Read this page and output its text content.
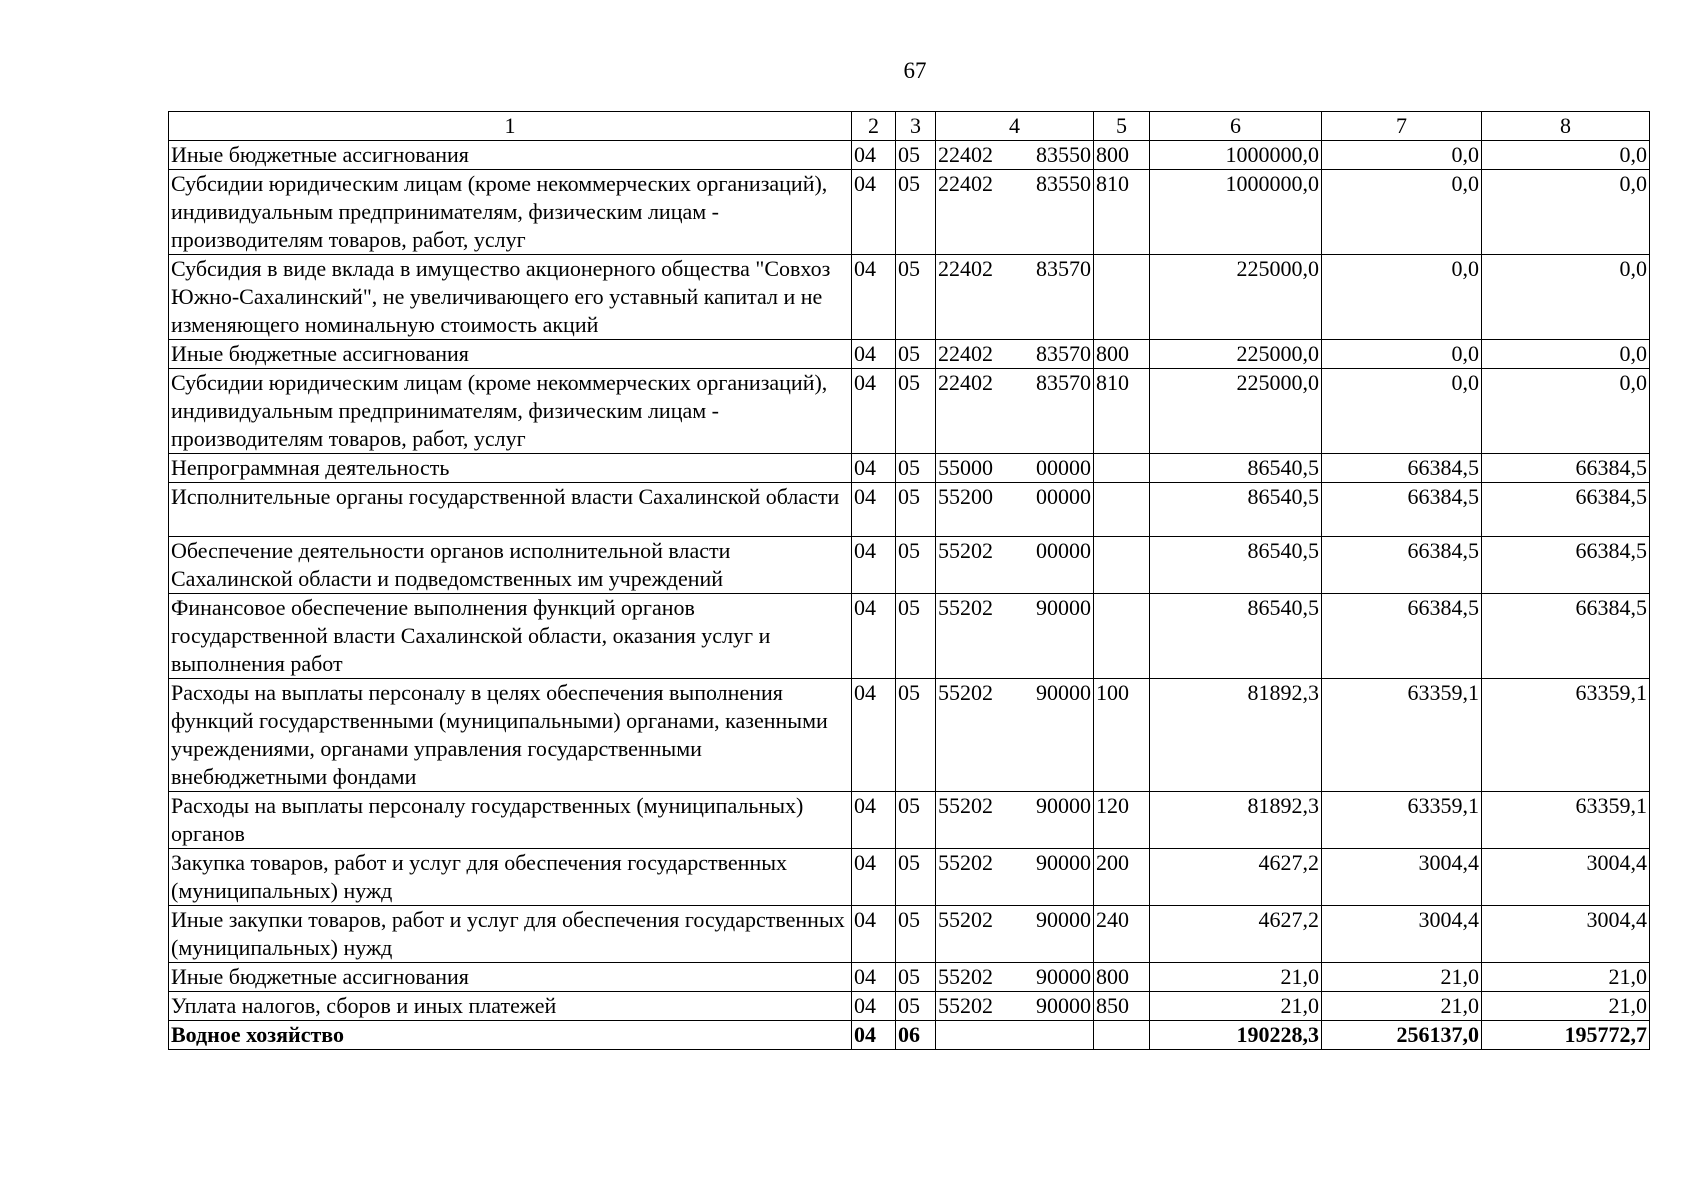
67
1	2	3	4	5	6	7	8
Иные бюджетные ассигнования	04	05	22402 83550	800	1000000,0	0,0	0,0
Субсидии юридическим лицам (кроме некоммерческих организаций), индивидуальным предпринимателям, физическим лицам - производителям товаров, работ, услуг	04	05	22402 83550	810	1000000,0	0,0	0,0
Субсидия в виде вклада в имущество акционерного общества "Совхоз Южно-Сахалинский", не увеличивающего его уставный капитал и не изменяющего номинальную стоимость акций	04	05	22402 83570		225000,0	0,0	0,0
Иные бюджетные ассигнования	04	05	22402 83570	800	225000,0	0,0	0,0
Субсидии юридическим лицам (кроме некоммерческих организаций), индивидуальным предпринимателям, физическим лицам - производителям товаров, работ, услуг	04	05	22402 83570	810	225000,0	0,0	0,0
Непрограммная деятельность	04	05	55000 00000		86540,5	66384,5	66384,5
Исполнительные органы государственной власти Сахалинской области	04	05	55200 00000		86540,5	66384,5	66384,5
Обеспечение деятельности органов исполнительной власти Сахалинской области и подведомственных им учреждений	04	05	55202 00000		86540,5	66384,5	66384,5
Финансовое обеспечение выполнения функций органов государственной власти Сахалинской области, оказания услуг и выполнения работ	04	05	55202 90000		86540,5	66384,5	66384,5
Расходы на выплаты персоналу в целях обеспечения выполнения функций государственными (муниципальными) органами, казенными учреждениями, органами управления государственными внебюджетными фондами	04	05	55202 90000	100	81892,3	63359,1	63359,1
Расходы на выплаты персоналу государственных (муниципальных) органов	04	05	55202 90000	120	81892,3	63359,1	63359,1
Закупка товаров, работ и услуг для обеспечения государственных (муниципальных) нужд	04	05	55202 90000	200	4627,2	3004,4	3004,4
Иные закупки товаров, работ и услуг для обеспечения государственных (муниципальных) нужд	04	05	55202 90000	240	4627,2	3004,4	3004,4
Иные бюджетные ассигнования	04	05	55202 90000	800	21,0	21,0	21,0
Уплата налогов, сборов и иных платежей	04	05	55202 90000	850	21,0	21,0	21,0
Водное хозяйство	04	06			190228,3	256137,0	195772,7
